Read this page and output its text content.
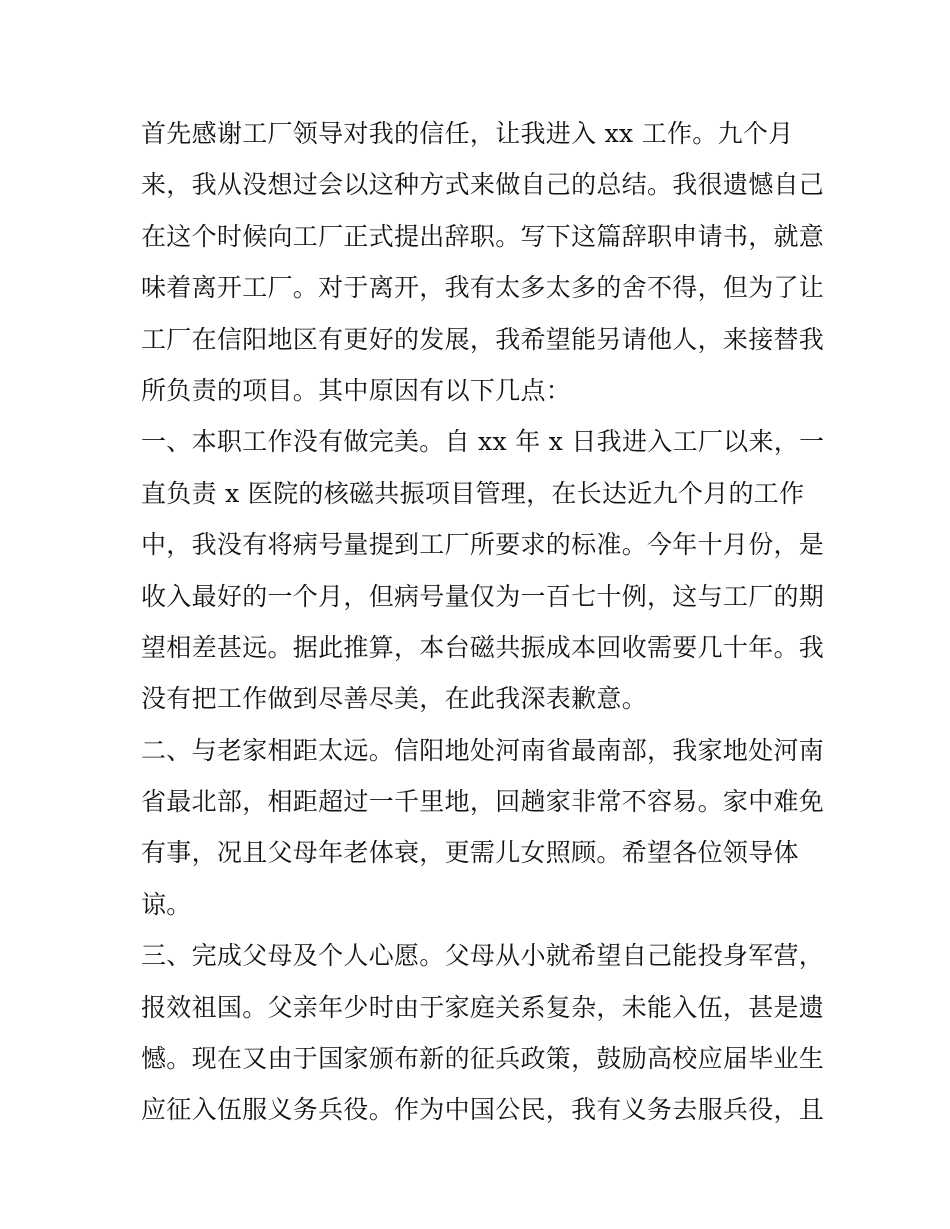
首先感谢工厂领导对我的信任，让我进入 xx 工作。九个月
来，我从没想过会以这种方式来做自己的总结。我很遗憾自己
在这个时候向工厂正式提出辞职。写下这篇辞职申请书，就意
味着离开工厂。对于离开，我有太多太多的舍不得，但为了让
工厂在信阳地区有更好的发展，我希望能另请他人，来接替我
所负责的项目。其中原因有以下几点：
一、本职工作没有做完美。自 xx 年 x 日我进入工厂以来，一
直负责 x 医院的核磁共振项目管理，在长达近九个月的工作
中，我没有将病号量提到工厂所要求的标准。今年十月份，是
收入最好的一个月，但病号量仅为一百七十例，这与工厂的期
望相差甚远。据此推算，本台磁共振成本回收需要几十年。我
没有把工作做到尽善尽美，在此我深表歉意。
二、与老家相距太远。信阳地处河南省最南部，我家地处河南
省最北部，相距超过一千里地，回趟家非常不容易。家中难免
有事，况且父母年老体衰，更需儿女照顾。希望各位领导体
谅。
三、完成父母及个人心愿。父母从小就希望自己能投身军营，
报效祖国。父亲年少时由于家庭关系复杂，未能入伍，甚是遗
憾。现在又由于国家颁布新的征兵政策，鼓励高校应届毕业生
应征入伍服义务兵役。作为中国公民，我有义务去服兵役，且
